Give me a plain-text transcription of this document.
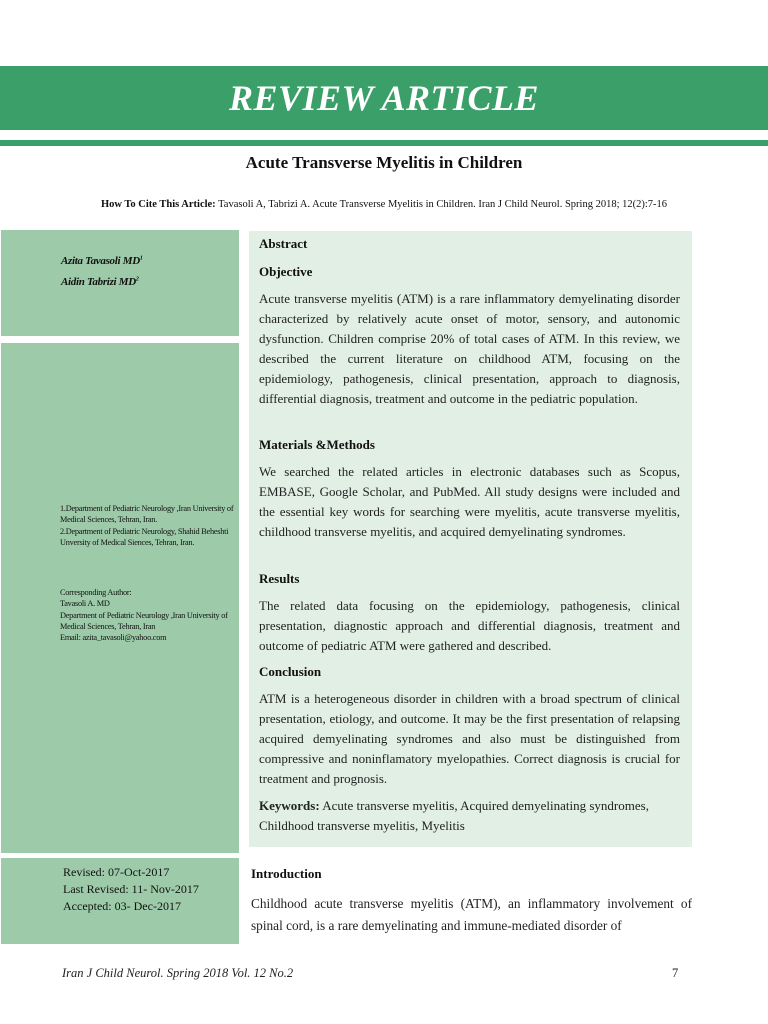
REVIEW ARTICLE
Acute Transverse Myelitis in Children
How To Cite This Article: Tavasoli A, Tabrizi A. Acute Transverse Myelitis in Children. Iran J Child Neurol. Spring 2018; 12(2):7-16
Azita Tavasoli $MD^1$
Aidin Tabrizi $MD^2$
1.Department of Pediatric Neurology ,Iran University of Medical Sciences, Tehran, Iran.
2.Department of Pediatric Neurology, Shahid Beheshti Unversity of Medical Siences, Tehran, Iran.
Corresponding Author:
Tavasoli A. MD
Department of Pediatric Neurology ,Iran University of Medical Sciences, Tehran, Iran
Email: azita_tavasoli@yahoo.com
Revised: 07-Oct-2017
Last Revised: 11- Nov-2017
Accepted: 03- Dec-2017
Abstract
Objective
Acute transverse myelitis (ATM) is a rare inflammatory demyelinating disorder characterized by relatively acute onset of motor, sensory, and autonomic dysfunction. Children comprise 20% of total cases of ATM. In this review, we described the current literature on childhood ATM, focusing on the epidemiology, pathogenesis, clinical presentation, approach to diagnosis, differential diagnosis, treatment and outcome in the pediatric population.
Materials &Methods
We searched the related articles in electronic databases such as Scopus, EMBASE, Google Scholar, and PubMed. All study designs were included and the essential key words for searching were myelitis, acute transverse myelitis, childhood transverse myelitis, and acquired demyelinating syndromes.
Results
The related data focusing on the epidemiology, pathogenesis, clinical presentation, diagnostic approach and differential diagnosis, treatment and outcome of pediatric ATM were gathered and described.
Conclusion
ATM is a heterogeneous disorder in children with a broad spectrum of clinical presentation, etiology, and outcome. It may be the first presentation of relapsing acquired demyelinating syndromes and also must be distinguished from compressive and noninflamatory myelopathies. Correct diagnosis is crucial for treatment and prognosis.
Keywords: Acute transverse myelitis, Acquired demyelinating syndromes, Childhood transverse myelitis, Myelitis
Introduction
Childhood acute transverse myelitis (ATM), an inflammatory involvement of spinal cord, is a rare demyelinating and immune-mediated disorder of
Iran J Child Neurol. Spring 2018 Vol. 12 No.2	7
